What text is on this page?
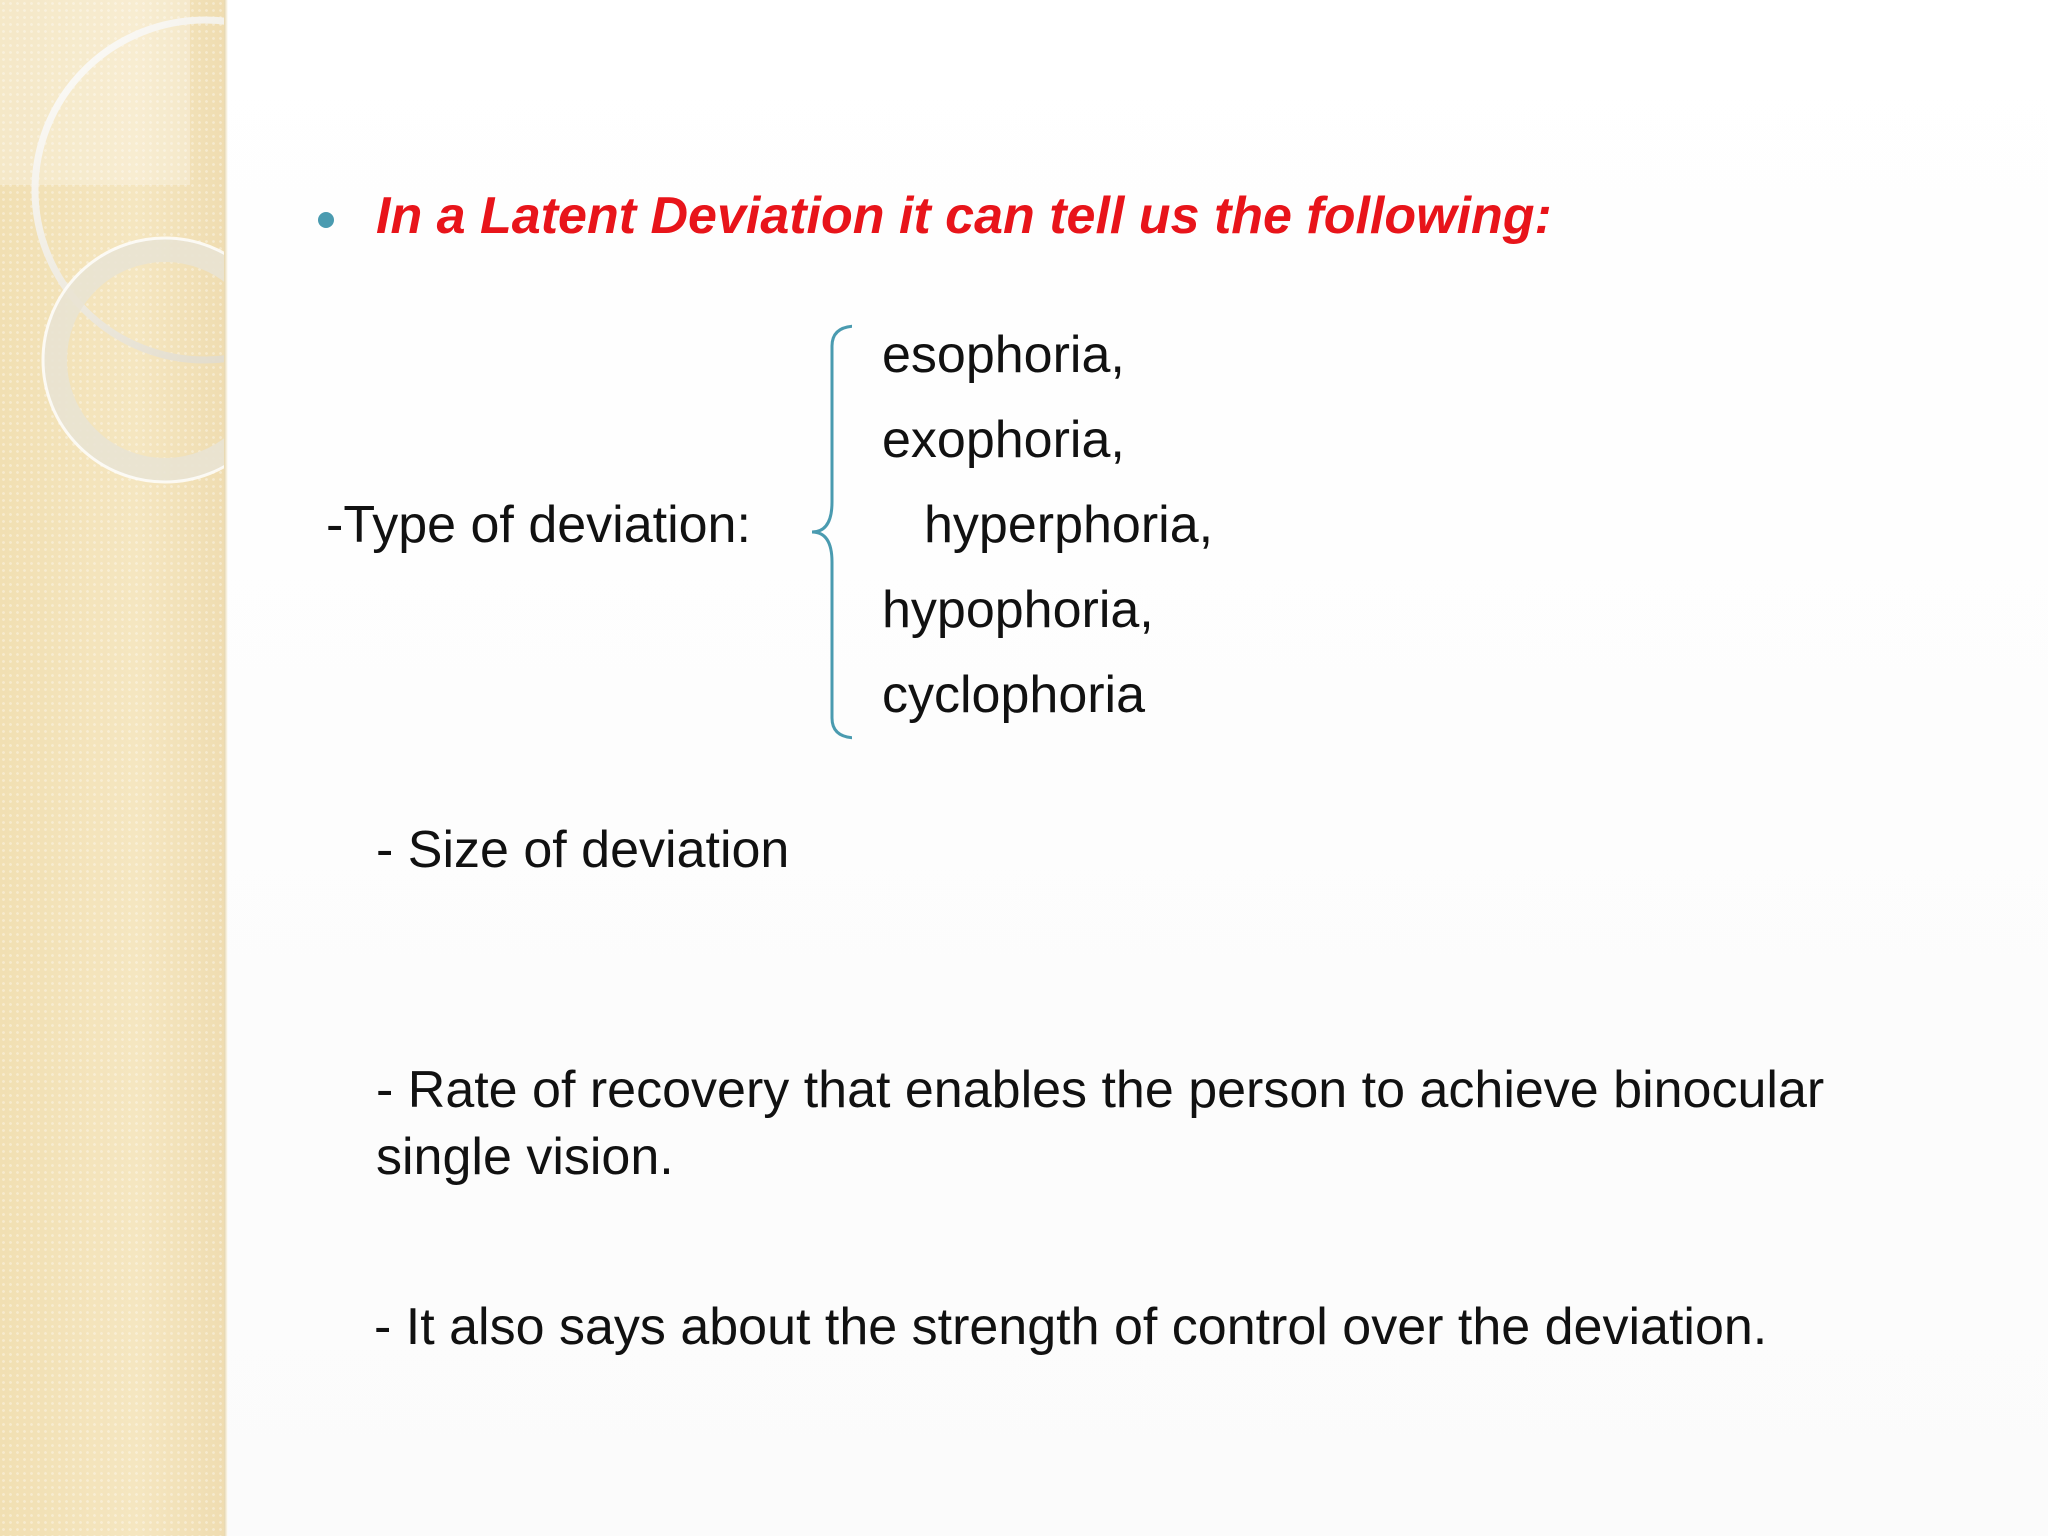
In a Latent Deviation it can tell us the following:
esophoria,
exophoria,
-Type of deviation:	hyperphoria,
hypophoria,
cyclophoria
- Size of deviation
- Rate of recovery that enables the person to achieve binocular
single vision.
- It also says about the strength of control over the deviation.
